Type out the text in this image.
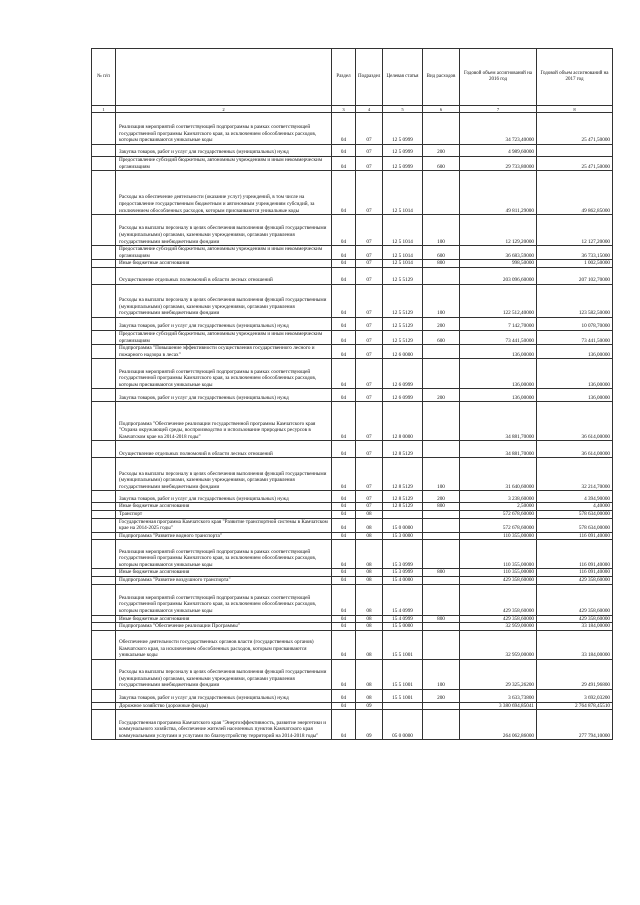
№ п/п		Раздел	Подраздел	Целевая статья	Вид расходов	Годовой объем ассигнований на 2016 год	Годовой объем ассигнований на 2017 год
1	2	3	4	5	6	7	8
	Реализация мероприятий соответствующей подпрограммы в рамках соответствующей государственной программы Камчатского края, за исключением обособленных расходов, которым присваиваются уникальные коды	04	07	12 5 0999		34 723,40000	25 471,50000
	Закупка товаров, работ и услуг для государственных (муниципальных) нужд	04	07	12 5 0999	200	4 989,60000	
	Предоставление субсидий бюджетным, автономным учреждениям и иным некоммерческим организациям	04	07	12 5 0999	600	29 733,80000	25 471,50000
	Расходы на обеспечение деятельности (оказание услуг) учреждений, в том числе на предоставление государственным бюджетным и автономным учреждениям субсидий, за исключением обособленных расходов, которым присваиваются уникальные коды	04	07	12 5 1014		49 811,29000	49 862,85000
	Расходы на выплаты персоналу в целях обеспечения выполнения функций государственными (муниципальными) органами, казенными учреждениями, органами управления государственными внебюджетными фондами	04	07	12 5 1014	100	12 129,20000	12 127,20000
	Предоставление субсидий бюджетным, автономным учреждениям и иным некоммерческим организациям	04	07	12 5 1014	600	36 683,59000	36 733,15000
	Иные бюджетные ассигнования	04	07	12 5 1014	800	998,50000	1 002,50000
	Осуществление отдельных полномочий в области лесных отношений	04	07	12 5 5129		203 096,60000	207 102,70000
	Расходы на выплаты персоналу в целях обеспечения выполнения функций государственными (муниципальными) органами, казенными учреждениями, органами управления государственными внебюджетными фондами	04	07	12 5 5129	100	122 512,40000	123 582,50000
	Закупка товаров, работ и услуг для государственных (муниципальных) нужд	04	07	12 5 5129	200	7 142,70000	10 078,70000
	Предоставление субсидий бюджетным, автономным учреждениям и иным некоммерческим организациям	04	07	12 5 5129	600	73 441,50000	73 441,50000
	Подпрограмма "Повышение эффективности осуществления государственного лесного и пожарного надзора в лесах"	04	07	12 6 0000		136,00000	136,00000
	Реализация мероприятий соответствующей подпрограммы в рамках соответствующей государственной программы Камчатского края, за исключением обособленных расходов, которым присваиваются уникальные коды	04	07	12 6 0999		136,00000	136,00000
	Закупка товаров, работ и услуг для государственных (муниципальных) нужд	04	07	12 6 0999	200	136,00000	136,00000
	Подпрограмма "Обеспечение реализации государственной программы Камчатского края "Охрана окружающей среды, воспроизводство и использование природных ресурсов в Камчатском крае на 2014-2018 годы"	04	07	12 8 0000		34 881,70000	36 614,00000
	Осуществление отдельных полномочий в области лесных отношений	04	07	12 8 5129		34 881,70000	36 614,00000
	Расходы на выплаты персоналу в целях обеспечения выполнения функций государственными (муниципальными) органами, казенными учреждениями, органами управления государственными внебюджетными фондами	04	07	12 8 5129	100	31 640,60000	32 214,70000
	Закупка товаров, работ и услуг для государственных (муниципальных) нужд	04	07	12 8 5129	200	3 238,60000	4 394,90000
	Иные бюджетные ассигнования	04	07	12 8 5129	800	2,50000	4,40000
	Транспорт	04	08			572 678,60000	578 634,00000
	Государственная программа Камчатского края "Развитие транспортной системы в Камчатском крае на 2014-2025 годы"	04	08	15 0 0000		572 678,60000	578 634,00000
	Подпрограмма "Развитие водного транспорта"	04	08	15 3 0000		110 355,00000	116 091,40000
	Реализация мероприятий соответствующей подпрограммы в рамках соответствующей государственной программы Камчатского края, за исключением обособленных расходов, которым присваиваются уникальные коды	04	08	15 3 0999		110 355,00000	116 091,40000
	Иные бюджетные ассигнования	04	08	15 3 0999	800	110 355,00000	116 091,40000
	Подпрограмма "Развитие воздушного транспорта"	04	08	15 4 0000		429 358,60000	429 358,60000
	Реализация мероприятий соответствующей подпрограммы в рамках соответствующей государственной программы Камчатского края, за исключением обособленных расходов, которым присваиваются уникальные коды	04	08	15 4 0999		429 358,60000	429 358,60000
	Иные бюджетные ассигнования	04	08	15 4 0999	800	429 358,60000	429 358,60000
	Подпрограмма "Обеспечение реализации Программы"	04	08	15 5 0000		32 959,00000	33 184,00000
	Обеспечение деятельности государственных органов власти (государственных органов) Камчатского края, за исключением обособленных расходов, которым присваиваются уникальные коды	04	08	15 5 1001		32 959,00000	33 184,00000
	Расходы на выплаты персоналу в целях обеспечения выполнения функций государственными (муниципальными) органами, казенными учреждениями, органами управления государственными внебюджетными фондами	04	08	15 5 1001	100	29 325,26200	29 491,96800
	Закупка товаров, работ и услуг для государственных (муниципальных) нужд	04	08	15 5 1001	200	3 633,73800	3 692,03200
	Дорожное хозяйство (дорожные фонды)	04	09			3 380 694,85041	2 764 878,45510
	Государственная программа Камчатского края "Энергоэффективность, развитие энергетики и коммунального хозяйства, обеспечение жителей населенных пунктов Камчатского края коммунальными услугами и услугами по благоустройству территорий на 2014-2018 годы"	04	09	05 0 0000		264 062,86000	277 794,10000
